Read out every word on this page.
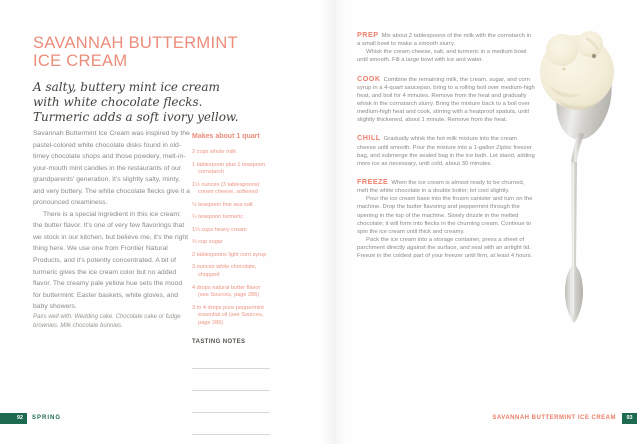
SAVANNAH BUTTERMINT
ICE CREAM
A salty, buttery mint ice cream
with white chocolate flecks.
Turmeric adds a soft ivory yellow.

Savannah Buttermint Ice Cream was inspired by the pastel-colored white chocolate disks found in old-timey chocolate shops and those powdery, melt-in-your-mouth mint candies in the restaurants of our grandparents' generation. It's slightly salty, minty, and very buttery. The white chocolate flecks give it a pronounced creaminess.

There is a special ingredient in this ice cream: the butter flavor. It's one of very few flavorings that we stock in our kitchen, but believe me, it's the right thing here. We use one from Frontier Natural Products, and it's potently concentrated. A bit of turmeric gives the ice cream color but no added flavor. The creamy pale yellow hue sets the mood for buttermint: Easter baskets, white gloves, and baby showers.

Pairs well with: Wedding cake. Chocolate cake or fudge brownies. Milk chocolate bunnies.

Makes about 1 quart

2 cups whole milk

1 tablespoon plus 1 teaspoon cornstarch

1½ ounces (3 tablespoons) cream cheese, softened

½ teaspoon fine sea salt

¼ teaspoon turmeric

1¼ cups heavy cream

⅔ cup sugar

2 tablespoons light corn syrup

3 ounces white chocolate, chopped

4 drops natural butter flavor (see Sources, page 286)

3 to 4 drops pure peppermint essential oil (see Sources, page 286)

TASTING NOTES

PREP Mix about 2 tablespoons of the milk with the cornstarch in a small bowl to make a smooth slurry.

Whisk the cream cheese, salt, and turmeric in a medium bowl until smooth. Fill a large bowl with ice and water.

COOK Combine the remaining milk, the cream, sugar, and corn syrup in a 4-quart saucepan, bring to a rolling boil over medium-high heat, and boil for 4 minutes. Remove from the heat and gradually whisk in the cornstarch slurry. Bring the mixture back to a boil over medium-high heat and cook, stirring with a heatproof spatula, until slightly thickened, about 1 minute. Remove from the heat.

CHILL Gradually whisk the hot milk mixture into the cream cheese until smooth. Pour the mixture into a 1-gallon Ziploc freezer bag, and submerge the sealed bag in the ice bath. Let stand, adding more ice as necessary, until cold, about 30 minutes.

FREEZE When the ice cream is almost ready to be churned, melt the white chocolate in a double boiler; let cool slightly.

Pour the ice cream base into the frozen canister and turn on the machine. Drop the butter flavoring and peppermint through the opening in the top of the machine. Slowly drizzle in the melted chocolate; it will form into flecks in the churning cream. Continue to spin the ice cream until thick and creamy.

Pack the ice cream into a storage container, press a sheet of parchment directly against the surface, and seal with an airtight lid. Freeze in the coldest part of your freezer until firm, at least 4 hours.

92	SPRING	SAVANNAH BUTTERMINT ICE CREAM	93
